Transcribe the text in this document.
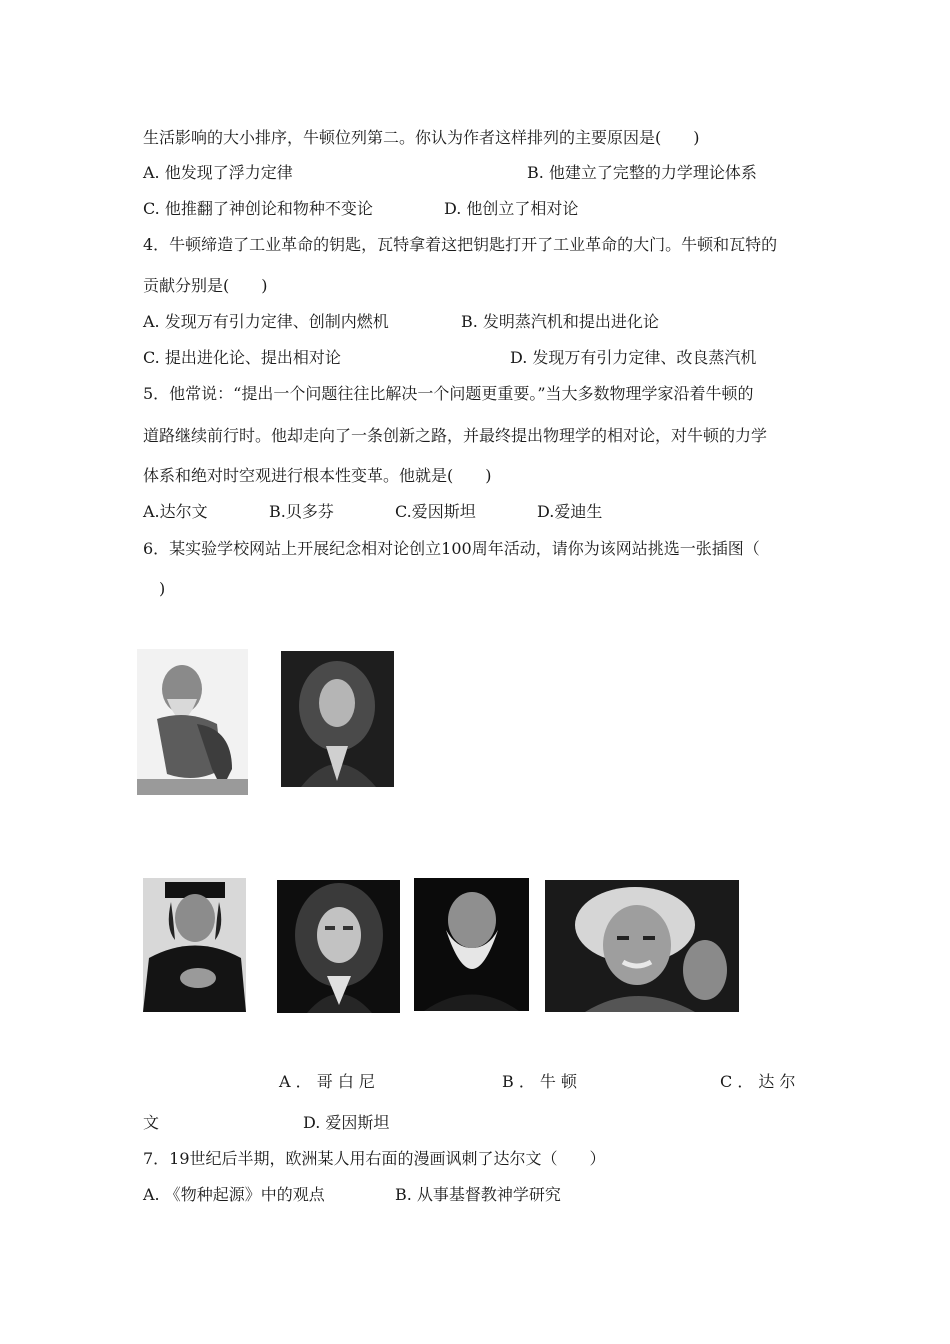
生活影响的大小排序，牛顿位列第二。你认为作者这样排列的主要原因是(　　)
A. 他发现了浮力定律	B. 他建立了完整的力学理论体系
C. 他推翻了神创论和物种不变论	D. 他创立了相对论
4．牛顿缔造了工业革命的钥匙，瓦特拿着这把钥匙打开了工业革命的大门。牛顿和瓦特的
贡献分别是(　　)
A. 发现万有引力定律、创制内燃机	B. 发明蒸汽机和提出进化论
C. 提出进化论、提出相对论	D. 发现万有引力定律、改良蒸汽机
5．他常说：“提出一个问题往往比解决一个问题更重要。”当大多数物理学家沿着牛顿的
道路继续前行时。他却走向了一条创新之路，并最终提出物理学的相对论，对牛顿的力学
体系和绝对时空观进行根本性变革。他就是(　　)
A.达尔文	B.贝多芬	C.爱因斯坦	D.爱迪生
6．某实验学校网站上开展纪念相对论创立100周年活动，请你为该网站挑选一张插图（
　)
A ． 哥 白 尼	B ． 牛 顿	C ． 达 尔
文	D. 爱因斯坦
7．19世纪后半期，欧洲某人用右面的漫画讽刺了达尔文（　　）
A. 《物种起源》中的观点	B. 从事基督教神学研究
